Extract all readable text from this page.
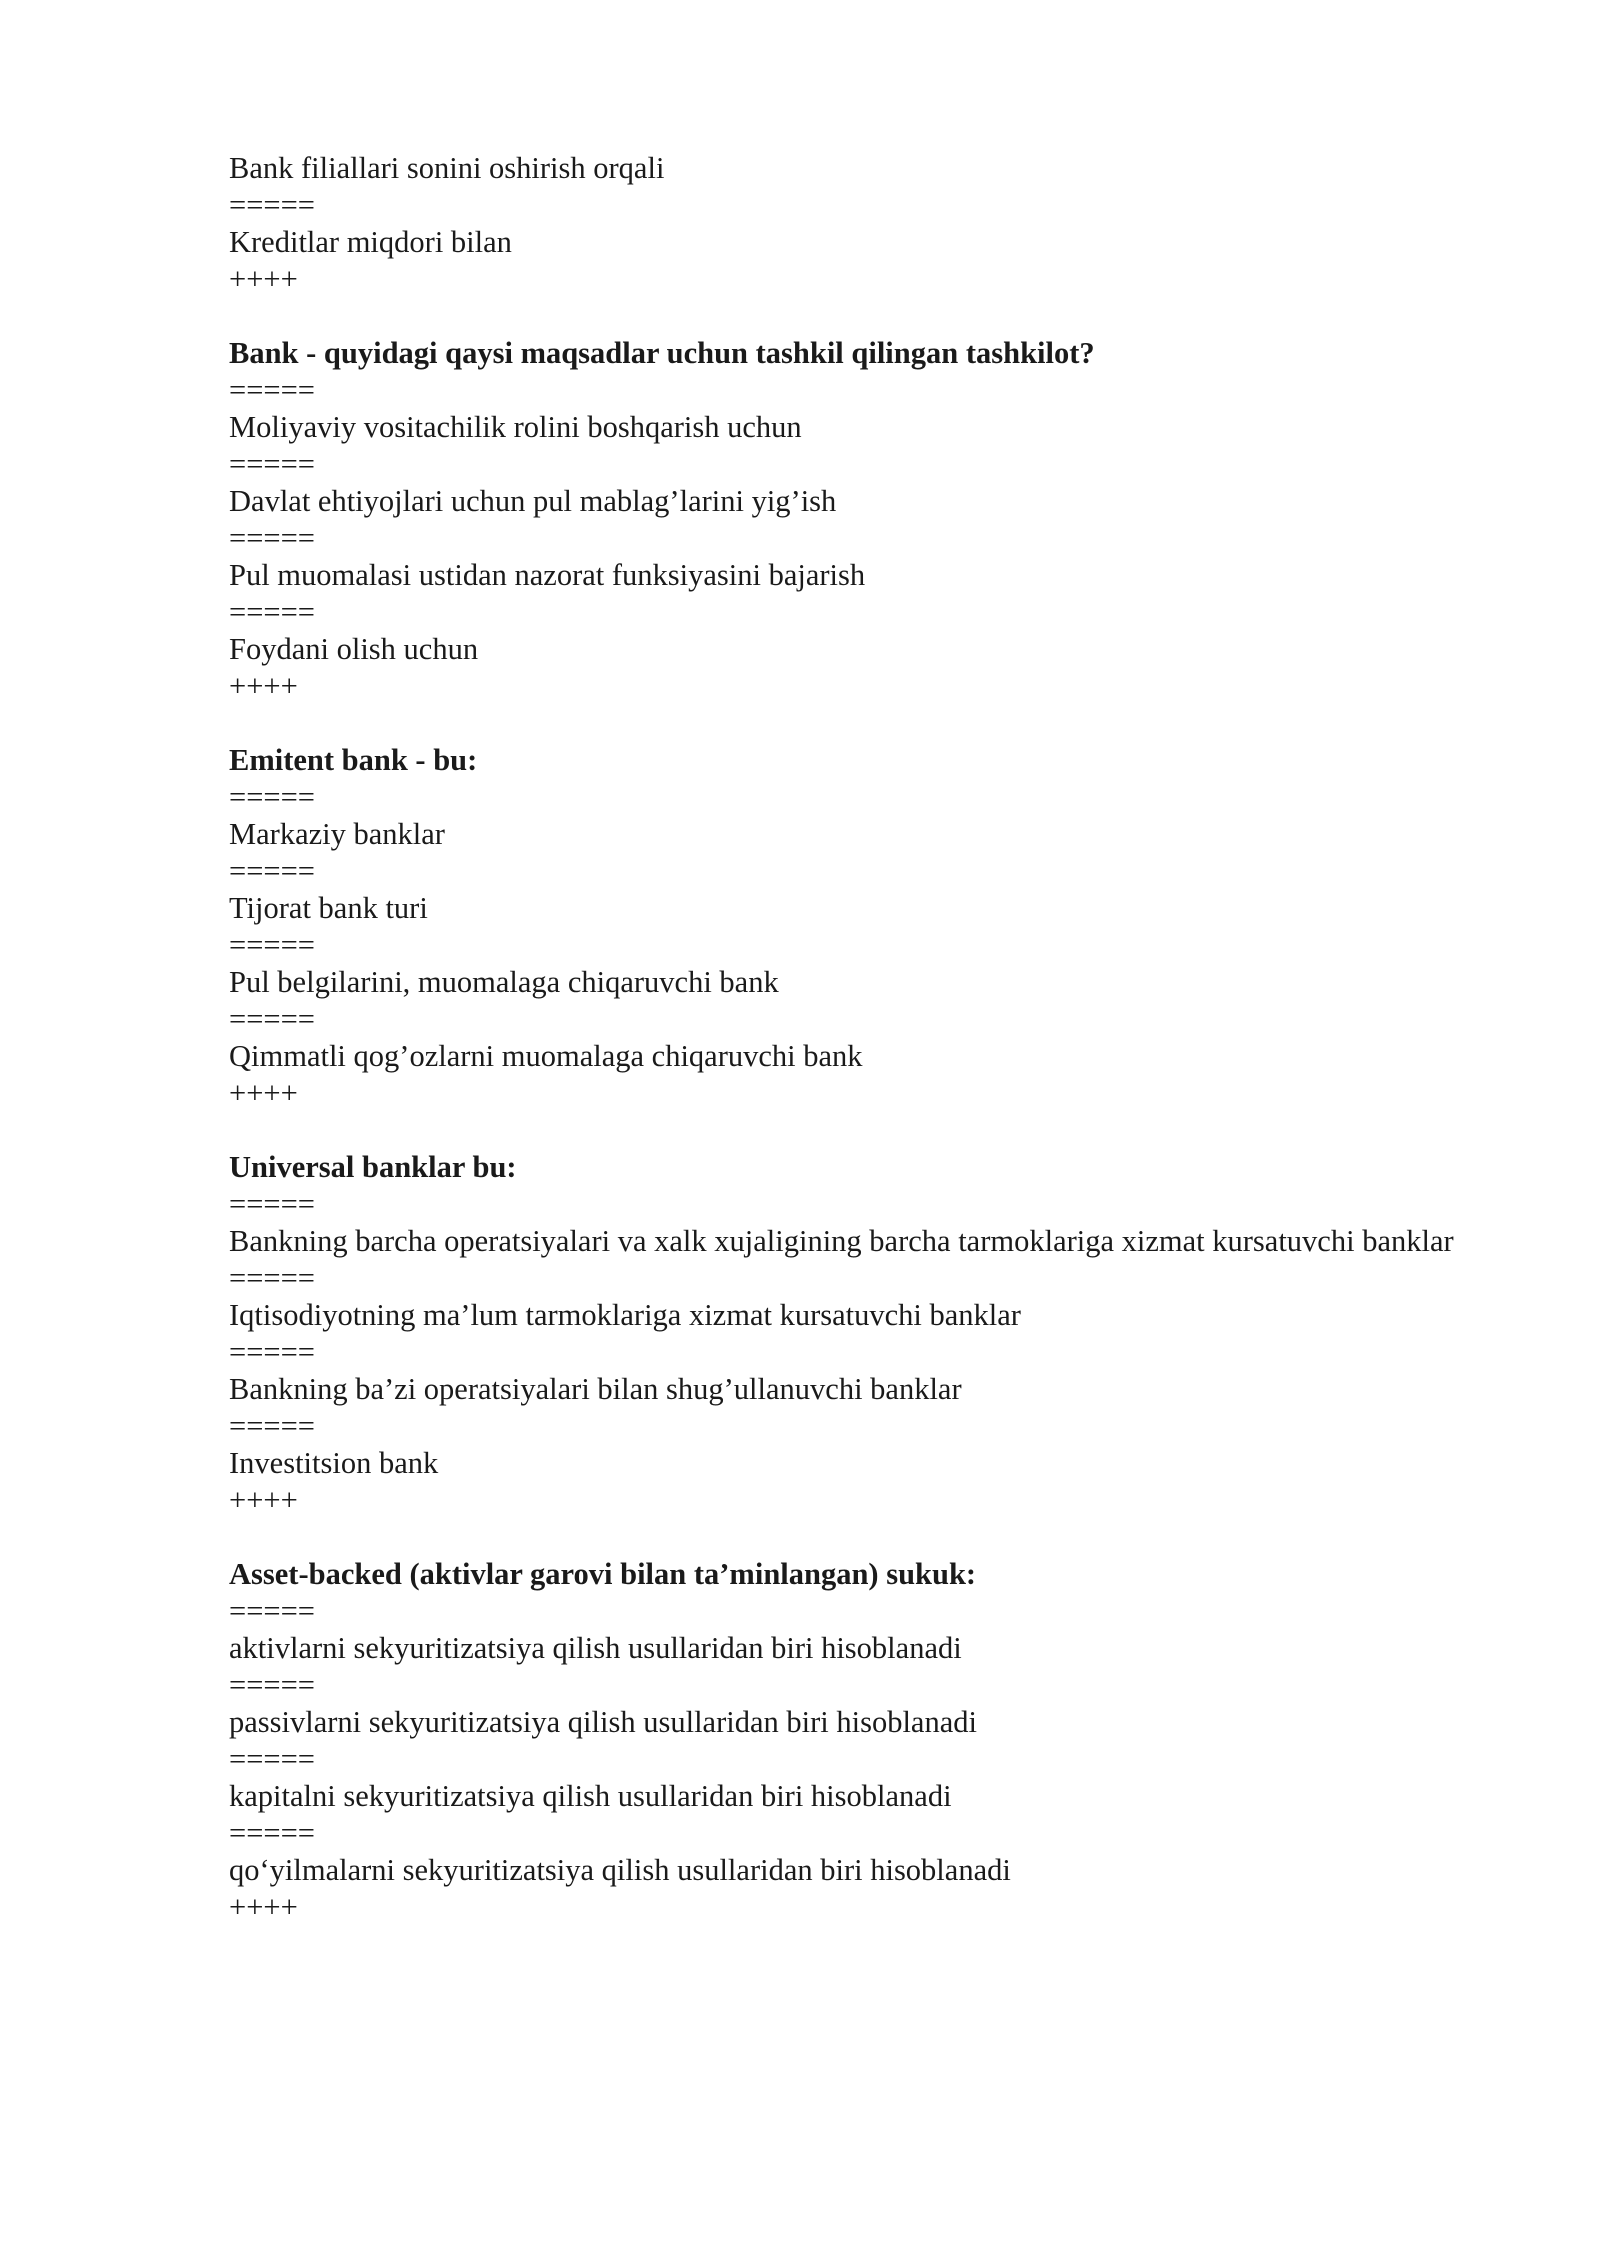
Bank filiallari sonini oshirish orqali
=====
Kreditlar miqdori bilan
++++
Bank - quyidagi qaysi maqsadlar uchun tashkil qilingan tashkilot?
=====
Moliyaviy vositachilik rolini boshqarish uchun
=====
Davlat ehtiyojlari uchun pul mablag’larini yig’ish
=====
Pul muomalasi ustidan nazorat funksiyasini bajarish
=====
Foydani olish uchun
++++
Emitent bank - bu:
=====
Markaziy banklar
=====
Tijorat bank turi
=====
Pul belgilarini, muomalaga chiqaruvchi bank
=====
Qimmatli qog’ozlarni muomalaga chiqaruvchi bank
++++
Universal banklar bu:
=====
Bankning barcha operatsiyalari va xalk xujaligining barcha tarmoklariga xizmat kursatuvchi banklar
=====
Iqtisodiyotning ma’lum tarmoklariga xizmat kursatuvchi banklar
=====
Bankning ba’zi operatsiyalari bilan shug’ullanuvchi banklar
=====
Investitsion bank
++++
Asset-backed (aktivlar garovi bilan ta’minlangan) sukuk:
=====
aktivlarni sekyuritizatsiya qilish usullaridan biri hisoblanadi
=====
passivlarni sekyuritizatsiya qilish usullaridan biri hisoblanadi
=====
kapitalni sekyuritizatsiya qilish usullaridan biri hisoblanadi
=====
qo‘yilmalarni sekyuritizatsiya qilish usullaridan biri hisoblanadi
++++
